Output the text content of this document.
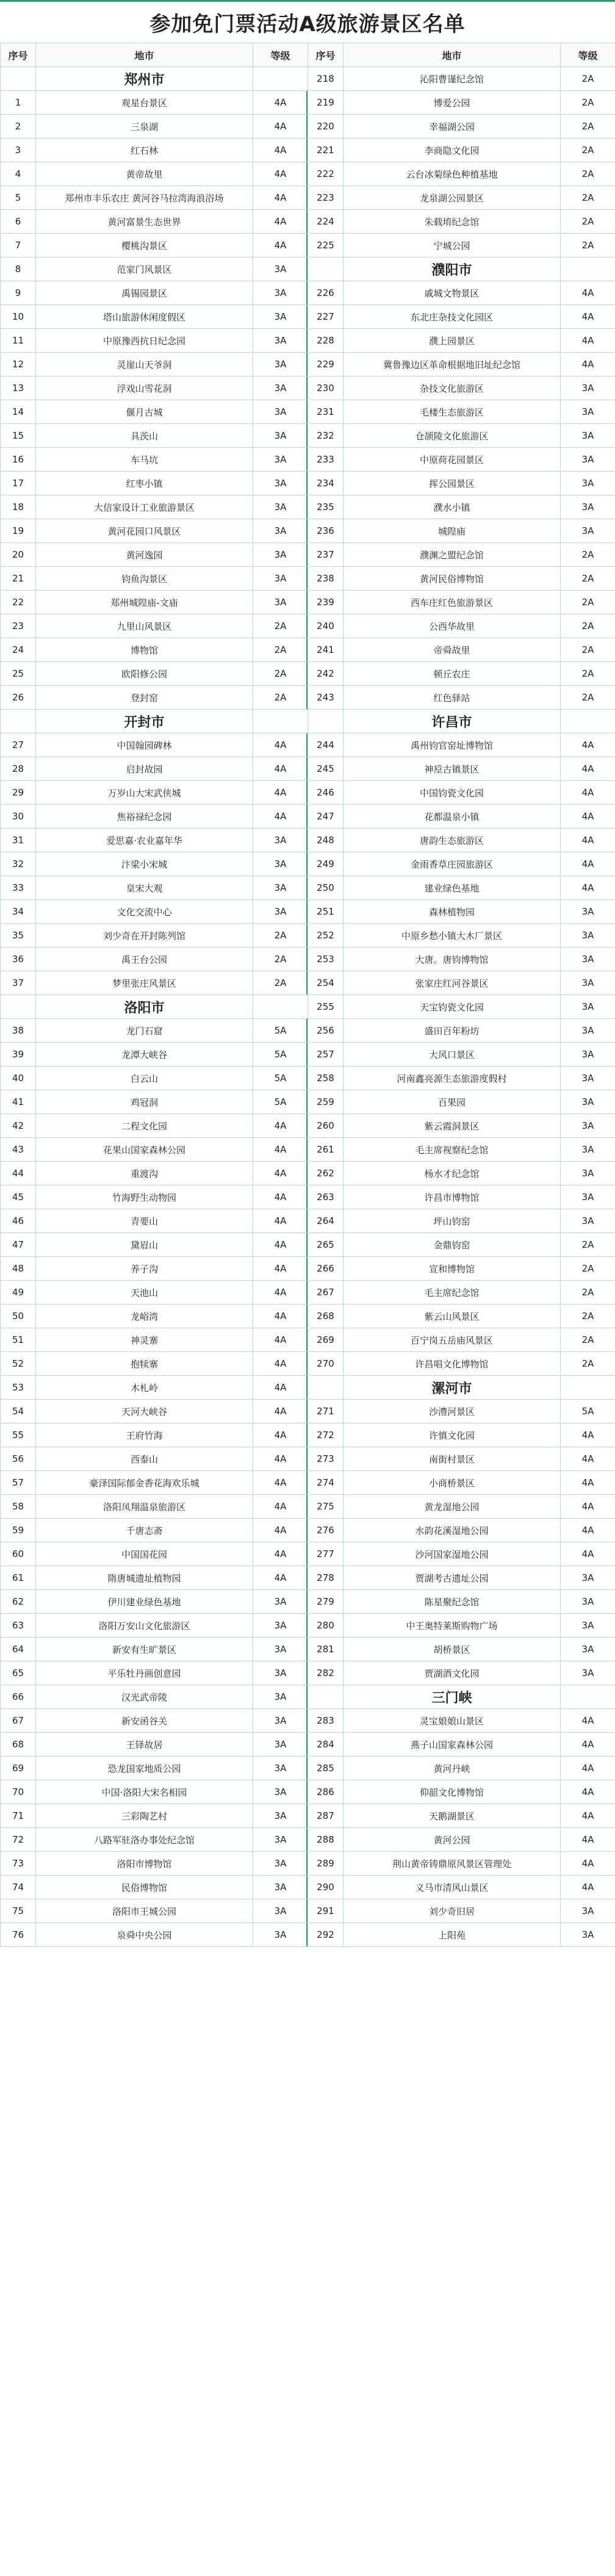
参加免门票活动A级旅游景区名单
序号	地市	等级
	郑州市	
1	观星台景区	4A
2	三泉湖	4A
3	红石林	4A
4	黄帝故里	4A
5	郑州市丰乐农庄 黄河谷马拉湾海浪浴场	4A
6	黄河富景生态世界	4A
7	樱桃沟景区	4A
8	范家门风景区	3A
9	禹锡园景区	3A
10	塔山旅游休闲度假区	3A
11	中原豫西抗日纪念园	3A
12	灵崖山天爷洞	3A
13	浮戏山雪花洞	3A
14	偃月古城	3A
15	具茨山	3A
16	车马坑	3A
17	红枣小镇	3A
18	大信家设计工业旅游景区	3A
19	黄河花园口风景区	3A
20	黄河逸园	3A
21	钧鱼沟景区	3A
22	郑州城隍庙-文庙	3A
23	九里山风景区	2A
24	博物馆	2A
25	欧阳修公园	2A
26	登封窑	2A
	开封市	
27	中国翰园碑林	4A
28	启封故园	4A
29	万岁山大宋武侠城	4A
30	焦裕禄纪念园	4A
31	爱思嘉·农业嘉年华	3A
32	汴梁小宋城	3A
33	皇宋大观	3A
34	文化交流中心	3A
35	刘少奇在开封陈列馆	2A
36	禹王台公园	2A
37	梦里张庄风景区	2A
	洛阳市	
38	龙门石窟	5A
39	龙潭大峡谷	5A
40	白云山	5A
41	鸡冠洞	5A
42	二程文化园	4A
43	花果山国家森林公园	4A
44	重渡沟	4A
45	竹海野生动物园	4A
46	青要山	4A
47	黛眉山	4A
48	养子沟	4A
49	天池山	4A
50	龙峪湾	4A
51	神灵寨	4A
52	抱犊寨	4A
53	木札岭	4A
54	天河大峡谷	4A
55	王府竹海	4A
56	西泰山	4A
57	豪泽国际郁金香花海欢乐城	4A
58	洛阳凤翔温泉旅游区	4A
59	千唐志斋	4A
60	中国国花园	4A
61	隋唐城遗址植物园	4A
62	伊川建业绿色基地	3A
63	洛阳万安山文化旅游区	3A
64	新安有生旷景区	3A
65	平乐牡丹画创意园	3A
66	汉光武帝陵	3A
67	新安函谷关	3A
68	王铎故居	3A
69	恐龙国家地质公园	3A
70	中国·洛阳大宋名相园	3A
71	三彩陶艺村	3A
72	八路军驻洛办事处纪念馆	3A
73	洛阳市博物馆	3A
74	民俗博物馆	3A
75	洛阳市王城公园	3A
76	泉舜中央公园	3A
序号	地市	等级
218	沁阳曹谨纪念馆	2A
219	博爱公园	2A
220	幸福湖公园	2A
221	李商隐文化园	2A
222	云台冰菊绿色种植基地	2A
223	龙泉湖公园景区	2A
224	朱载堉纪念馆	2A
225	宁城公园	2A
	濮阳市	
226	戚城文物景区	4A
227	东北庄杂技文化园区	4A
228	濮上园景区	4A
229	冀鲁豫边区革命根据地旧址纪念馆	4A
230	杂技文化旅游区	3A
231	毛楼生态旅游区	3A
232	仓颉陵文化旅游区	3A
233	中原荷花园景区	3A
234	挥公园景区	3A
235	濮水小镇	3A
236	城隍庙	3A
237	濮渊之盟纪念馆	2A
238	黄河民俗博物馆	2A
239	西车庄红色旅游景区	2A
240	公西华故里	2A
241	帝舜故里	2A
242	顿丘农庄	2A
243	红色驿站	2A
	许昌市	
244	禹州钧官窑址博物馆	4A
245	神垕古镇景区	4A
246	中国钧瓷文化园	4A
247	花都温泉小镇	4A
248	唐韵生态旅游区	4A
249	金雨香草庄园旅游区	4A
250	建业绿色基地	4A
251	森林植物园	3A
252	中原乡愁小镇大木厂景区	3A
253	大唐。唐钧博物馆	3A
254	张家庄红河谷景区	3A
255	天宝钧瓷文化园	3A
256	盛田百年粉坊	3A
257	大风口景区	3A
258	河南鑫亮源生态旅游度假村	3A
259	百果园	3A
260	紫云霞洞景区	3A
261	毛主席视察纪念馆	3A
262	杨水才纪念馆	3A
263	许昌市博物馆	3A
264	坪山钧窑	3A
265	金鼎钧窑	2A
266	宣和博物馆	2A
267	毛主席纪念馆	2A
268	紫云山风景区	2A
269	百宁岗五岳庙风景区	2A
270	许昌唱文化博物馆	2A
	漯河市	
271	沙澧河景区	5A
272	许慎文化园	4A
273	南街村景区	4A
274	小商桥景区	4A
275	黄龙湿地公园	4A
276	水韵花溪湿地公园	4A
277	沙河国家湿地公园	4A
278	贾湖考古遗址公园	3A
279	陈星聚纪念馆	3A
280	中王奥特莱斯购物广场	3A
281	胡桥景区	3A
282	贾湖酒文化园	3A
	三门峡	
283	灵宝娘娘山景区	4A
284	燕子山国家森林公园	4A
285	黄河丹峡	4A
286	仰韶文化博物馆	4A
287	天鹅湖景区	4A
288	黄河公园	4A
289	荆山黄帝铸鼎原风景区管理处	4A
290	义马市清风山景区	4A
291	刘少奇旧居	3A
292	上阳苑	3A
